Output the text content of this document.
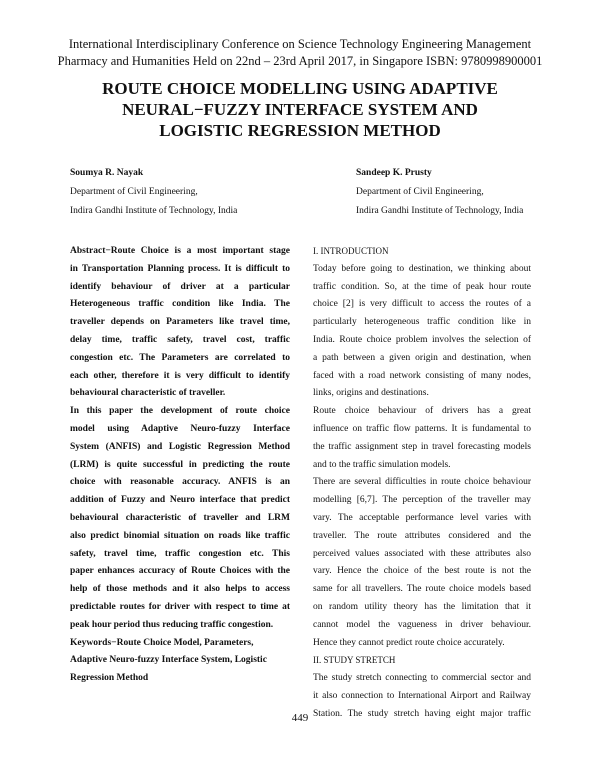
International Interdisciplinary Conference on Science Technology Engineering Management
Pharmacy and Humanities Held on 22nd – 23rd April 2017, in Singapore ISBN: 9780998900001
ROUTE CHOICE MODELLING USING ADAPTIVE
NEURAL−FUZZY INTERFACE SYSTEM AND
LOGISTIC REGRESSION METHOD
Soumya R. Nayak
Department of Civil Engineering,
Indira Gandhi Institute of Technology, India
Sandeep K. Prusty
Department of Civil Engineering,
Indira Gandhi Institute of Technology, India
Abstract−Route Choice is a most important stage
in Transportation Planning process. It is difficult to
identify behaviour of driver at a particular
Heterogeneous traffic condition like India. The
traveller depends on Parameters like travel time,
delay time, traffic safety, travel cost, traffic
congestion etc. The Parameters are correlated to
each other, therefore it is very difficult to identify
behavioural characteristic of traveller.
In this paper the development of route choice
model using Adaptive Neuro-fuzzy Interface
System (ANFIS) and Logistic Regression Method
(LRM) is quite successful in predicting the route
choice with reasonable accuracy. ANFIS is an
addition of Fuzzy and Neuro interface that predict
behavioural characteristic of traveller and LRM
also predict binomial situation on roads like traffic
safety, travel time, traffic congestion etc. This
paper enhances accuracy of Route Choices with the
help of those methods and it also helps to access
predictable routes for driver with respect to time at
peak hour period thus reducing traffic congestion.
Keywords−Route Choice Model, Parameters,
Adaptive Neuro-fuzzy Interface System, Logistic
Regression Method
I. INTRODUCTION
Today before going to destination, we thinking about
traffic condition. So, at the time of peak hour route
choice [2] is very difficult to access the routes of a
particularly heterogeneous traffic condition like in
India. Route choice problem involves the selection of
a path between a given origin and destination, when
faced with a road network consisting of many nodes,
links, origins and destinations.
Route choice behaviour of drivers has a great
influence on traffic flow patterns. It is fundamental to
the traffic assignment step in travel forecasting models
and to the traffic simulation models.
There are several difficulties in route choice behaviour
modelling [6,7]. The perception of the traveller may
vary. The acceptable performance level varies with
traveller. The route attributes considered and the
perceived values associated with these attributes also
vary. Hence the choice of the best route is not the
same for all travellers. The route choice models based
on random utility theory has the limitation that it
cannot model the vagueness in driver behaviour.
Hence they cannot predict route choice accurately.
II. STUDY STRETCH
The study stretch connecting to commercial sector and
it also connection to International Airport and Railway
Station. The study stretch having eight major traffic
449
